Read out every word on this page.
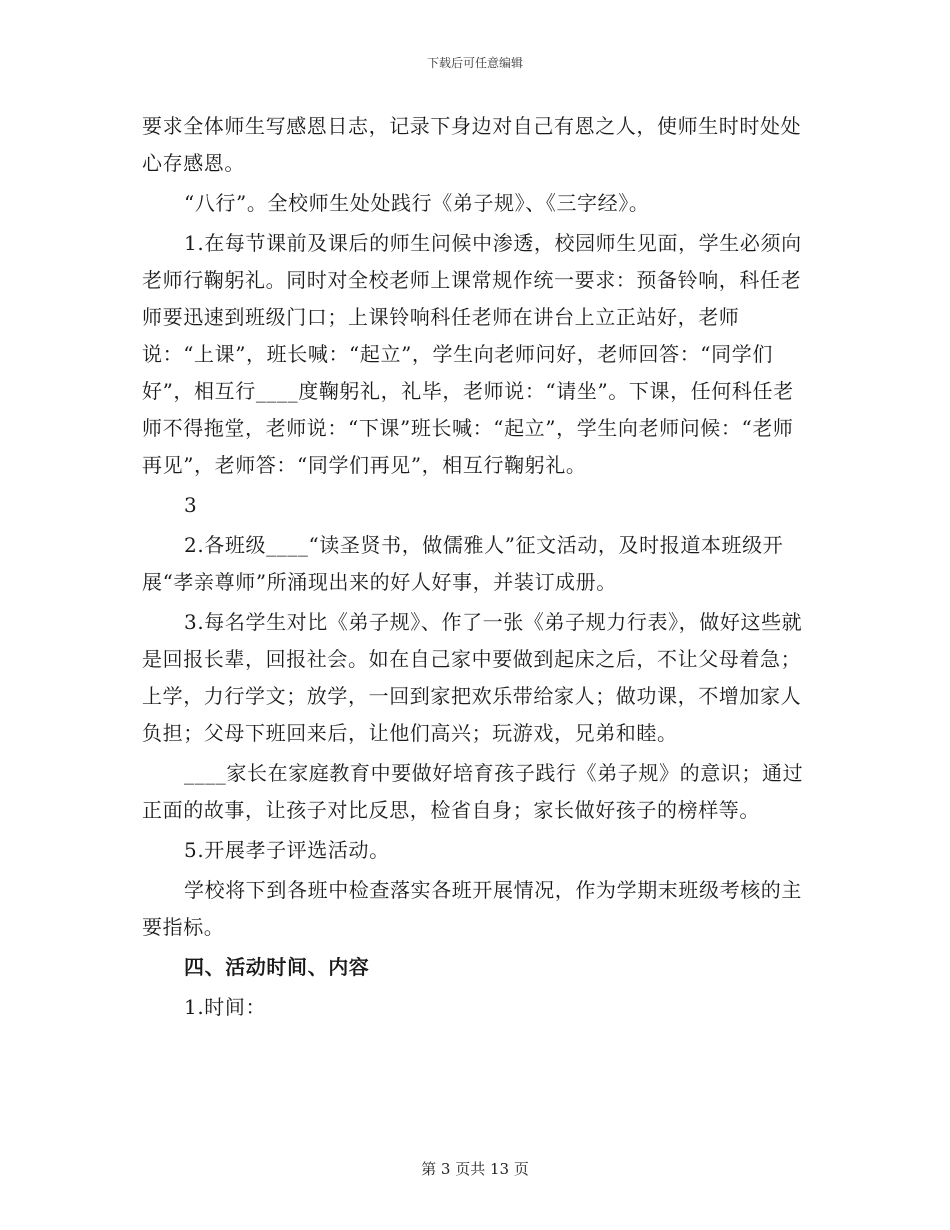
下载后可任意编辑

要求全体师生写感恩日志，记录下身边对自己有恩之人，使师生时时处处心存感恩。

“八行”。全校师生处处践行《弟子规》、《三字经》。

1.在每节课前及课后的师生问候中渗透，校园师生见面，学生必须向老师行鞠躬礼。同时对全校老师上课常规作统一要求：预备铃响，科任老师要迅速到班级门口；上课铃响科任老师在讲台上立正站好，老师说：“上课”，班长喊：“起立”，学生向老师问好，老师回答：“同学们好”，相互行____度鞠躬礼，礼毕，老师说：“请坐”。下课，任何科任老师不得拖堂，老师说：“下课”班长喊：“起立”，学生向老师问候：“老师再见”，老师答：“同学们再见”，相互行鞠躬礼。

3

2.各班级____“读圣贤书，做儒雅人”征文活动，及时报道本班级开展“孝亲尊师”所涌现出来的好人好事，并装订成册。

3.每名学生对比《弟子规》、作了一张《弟子规力行表》，做好这些就是回报长辈，回报社会。如在自己家中要做到起床之后，不让父母着急；上学，力行学文；放学，一回到家把欢乐带给家人；做功课，不增加家人负担；父母下班回来后，让他们高兴；玩游戏，兄弟和睦。

____家长在家庭教育中要做好培育孩子践行《弟子规》的意识；通过正面的故事，让孩子对比反思，检省自身；家长做好孩子的榜样等。

5.开展孝子评选活动。

学校将下到各班中检查落实各班开展情况，作为学期末班级考核的主要指标。

四、活动时间、内容

1.时间：

第 3 页共 13 页
